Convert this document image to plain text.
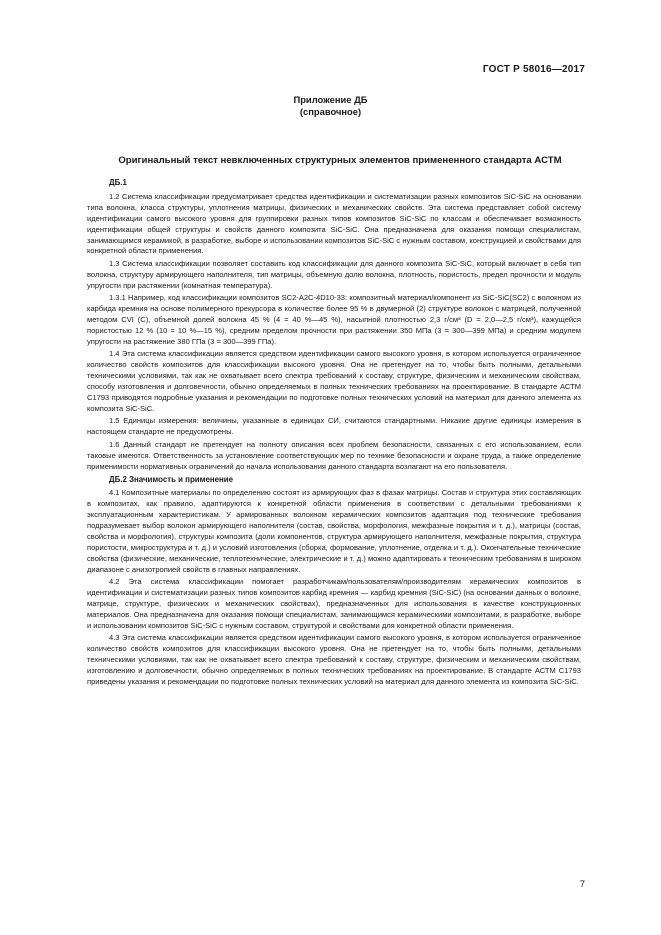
ГОСТ Р 58016—2017
Приложение ДБ
(справочное)
Оригинальный текст невключенных структурных элементов примененного стандарта АСТМ
ДБ.1

1.2 Система классификации предусматривает средства идентификации и систематизации разных композитов SiC-SiC на основании типа волокна, класса структуры, уплотнения матрицы, физических и механических свойств. Эта система представляет собой систему идентификации самого высокого уровня для группировки разных типов композитов SiC-SiC по классам и обеспечивает возможность идентификации общей структуры и свойств данного композита SiC-SiC. Она предназначена для оказания помощи специалистам, занимающимся керамикой, в разработке, выборе и использовании композитов SiC-SiC с нужным составом, конструкцией и свойствами для конкретной области применения.

1.3 Система классификации позволяет составить код классификации для данного композита SiC-SiC, который включает в себя тип волокна, структуру армирующего наполнителя, тип матрицы, объемную долю волокна, плотность, пористость, предел прочности и модуль упругости при растяжении (комнатная температура).

1.3.1 Например, код классификации композитов SC2-A2C-4D10-33: композитный материал/компонент из SiC-SiC(SC2) с волокном из карбида кремния на основе полимерного прекурсора в количестве более 95 % в двумерной (2) структуре волокон с матрицей, полученной методом CVI (C), объемной долей волокна 45 % (4 = 40 %—45 %), насыпной плотностью 2,3 г/см³ (D = 2,0—2,5 г/см³), кажущейся пористостью 12 % (10 = 10 %—15 %), средним пределом прочности при растяжении 350 МПа (3 = 300—399 МПа) и средним модулем упругости на растяжение 380 ГПа (3 = 300—399 ГПа).

1.4 Эта система классификации является средством идентификации самого высокого уровня, в котором используется ограниченное количество свойств композитов для классификации высокого уровня. Она не претендует на то, чтобы быть полными, детальными техническими условиями, так как не охватывает всего спектра требований к составу, структуре, физическим и механическим свойствам, способу изготовления и долговечности, обычно определяемых в полных технических требованиях на проектирование. В стандарте АСТМ С1793 приводятся подробные указания и рекомендации по подготовке полных технических условий на материал для данного элемента из композита SiC-SiC.

1.5 Единицы измерения: величины, указанные в единицах СИ, считаются стандартными. Никакие другие единицы измерения в настоящем стандарте не предусмотрены.

1.6 Данный стандарт не претендует на полноту описания всех проблем безопасности, связанных с его использованием, если таковые имеются. Ответственность за установление соответствующих мер по технике безопасности и охране труда, а также определение применимости нормативных ограничений до начала использования данного стандарта возлагают на его пользователя.

ДБ.2 Значимость и применение

4.1 Композитные материалы по определению состоят из армирующих фаз в фазах матрицы. Состав и структура этих составляющих в композитах, как правило, адаптируются к конкретной области применения в соответствии с детальными требованиями к эксплуатационным характеристикам. У армированных волокном керамических композитов адаптация под технические требования подразумевает выбор волокон армирующего наполнителя (состав, свойства, морфология, межфазные покрытия и т. д.), матрицы (состав, свойства и морфология), структуры композита (доли компонентов, структура армирующего наполнителя, межфазные покрытия, структура пористости, микроструктура и т. д.) и условий изготовления (сборка, формование, уплотнение, отделка и т. д.). Окончательные технические свойства (физические, механические, теплотехнические, электрические и т. д.) можно адаптировать к техническим требованиям в широком диапазоне с анизотропией свойств в главных направлениях.

4.2 Эта система классификации помогает разработчикам/пользователям/производителям керамических композитов в идентификации и систематизации разных типов композитов карбид кремния — карбид кремния (SiC-SiC) (на основании данных о волокне, матрице, структуре, физических и механических свойствах), предназначенных для использования в качестве конструкционных материалов. Она предназначена для оказания помощи специалистам, занимающимся керамическими композитами, в разработке, выборе и использовании композитов SiC-SiC с нужным составом, структурой и свойствами для конкретной области применения.

4.3 Эта система классификации является средством идентификации самого высокого уровня, в котором используется ограниченное количество свойств композитов для классификации высокого уровня. Она не претендует на то, чтобы быть полными, детальными техническими условиями, так как не охватывает всего спектра требований к составу, структуре, физическим и механическим свойствам, изготовлению и долговечности, обычно определяемых в полных технических требованиях на проектирование. В стандарте АСТМ С1793 приведены указания и рекомендации по подготовке полных технических условий на материал для данного элемента из композита SiC-SiC.

7
